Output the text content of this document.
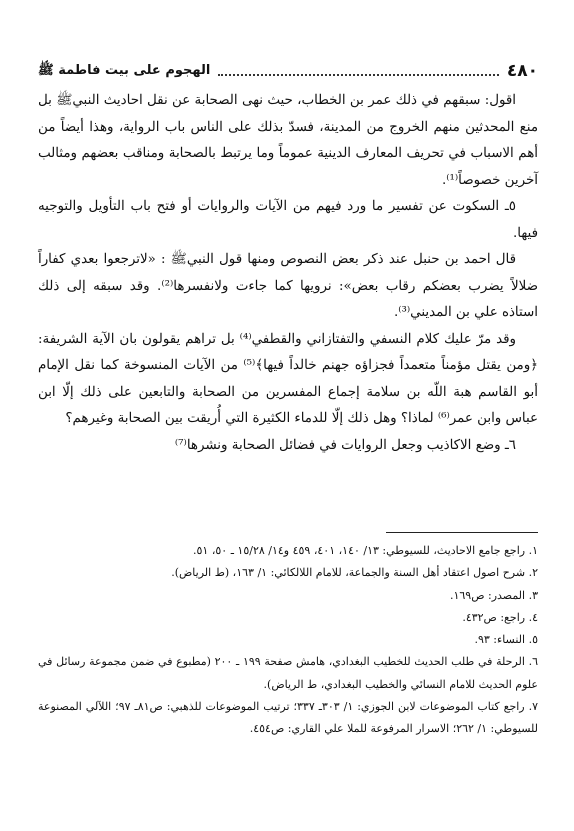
٤٨٠
الهجوم على بيت فاطمة ﷺ

اقول: سبقهم في ذلك عمر بن الخطاب، حيث نهى الصحابة عن نقل احاديث النبيﷺ بل منع المحدثين منهم الخروج من المدينة، فسدّ بذلك على الناس باب الرواية، وهذا أيضاً من أهم الاسباب في تحريف المعارف الدينية عموماً وما يرتبط بالصحابة ومناقب بعضهم ومثالب آخرين خصوصاً⁽¹⁾.

٥ـ السكوت عن تفسير ما ورد فيهم من الآيات والروايات أو فتح باب التأويل والتوجيه فيها.

قال احمد بن حنبل عند ذكر بعض النصوص ومنها قول النبيﷺ : «لاترجعوا بعدي كفاراً ضلالاً يضرب بعضكم رقاب بعض»: نرويها كما جاءت ولانفسرها⁽²⁾. وقد سبقه إلى ذلك استاذه علي بن المديني⁽³⁾.

وقد مرّ عليك كلام النسفي والتفتازاني والقطفي⁽⁴⁾ بل تراهم يقولون بان الآية الشريفة: ﴿ومن يقتل مؤمناً متعمداً فجزاؤه جهنم خالداً فيها﴾⁽⁵⁾ من الآيات المنسوخة كما نقل الإمام أبو القاسم هبة اللّه بن سلامة إجماع المفسرين من الصحابة والتابعين على ذلك إلّا ابن عباس وابن عمر⁽⁶⁾ لماذا؟ وهل ذلك إلّا للدماء الكثيرة التي أُريقت بين الصحابة وغيرهم؟

٦ـ وضع الاكاذيب وجعل الروايات في فضائل الصحابة ونشرها⁽⁷⁾

١. راجع جامع الاحاديث، للسيوطي: ١٣/ ١٤٠، ٤٠١، ٤٥٩ و١٤/ ١٥/٢٨ ـ ٥٠، ٥١.

٢. شرح اصول اعتقاد أهل السنة والجماعة، للامام اللالكائي: ١/ ١٦٣، (ط الرياض).

٣. المصدر: ص١٦٩.

٤. راجع: ص٤٣٢.

٥. النساء: ٩٣.

٦. الرحلة في طلب الحديث للخطيب البغدادي، هامش صفحة ١٩٩ ـ ٢٠٠ (مطبوع في ضمن مجموعة رسائل في علوم الحديث للامام النسائي والخطيب البغدادي، ط الرياض).

٧. راجع كتاب الموضوعات لابن الجوزي: ١/ ٣٠٣ـ ٣٣٧؛ ترتيب الموضوعات للذهبي: ص٨١ـ ٩٧؛ اللآلي المصنوعة للسيوطي: ١/ ٢٦٢؛ الاسرار المرفوعة للملا علي القاري: ص٤٥٤.
